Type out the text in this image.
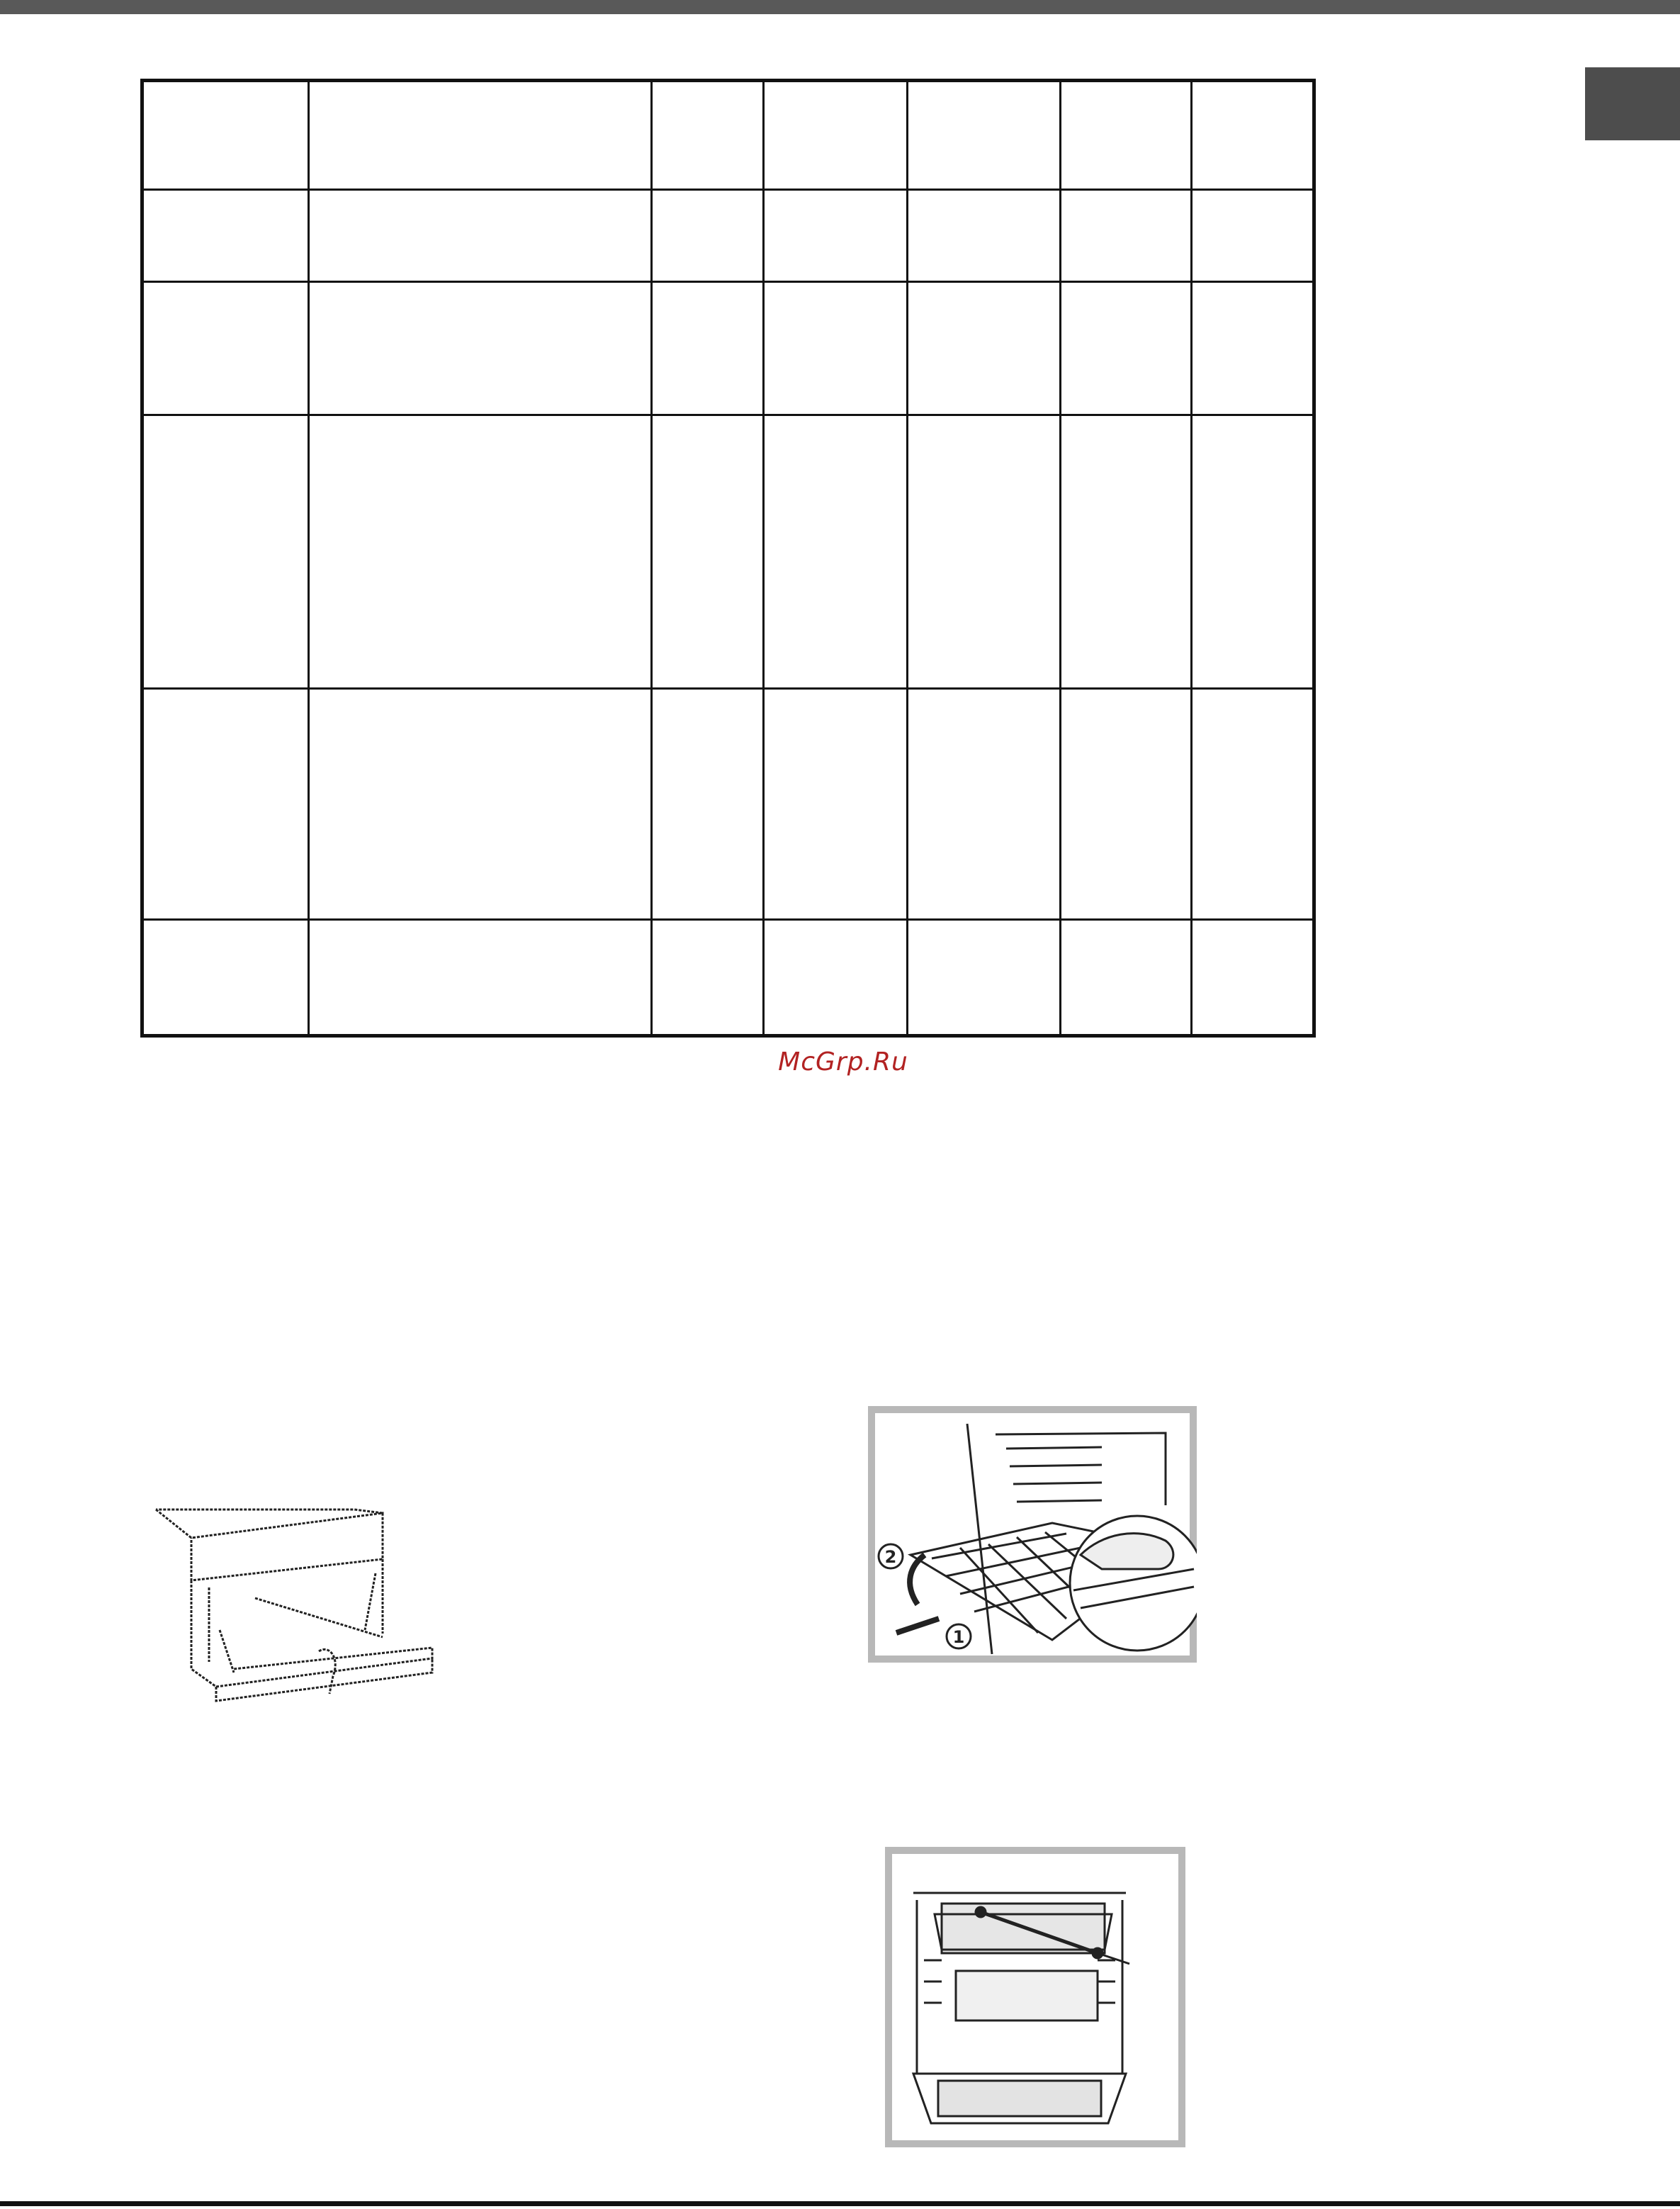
McGrp.Ru
2
1
